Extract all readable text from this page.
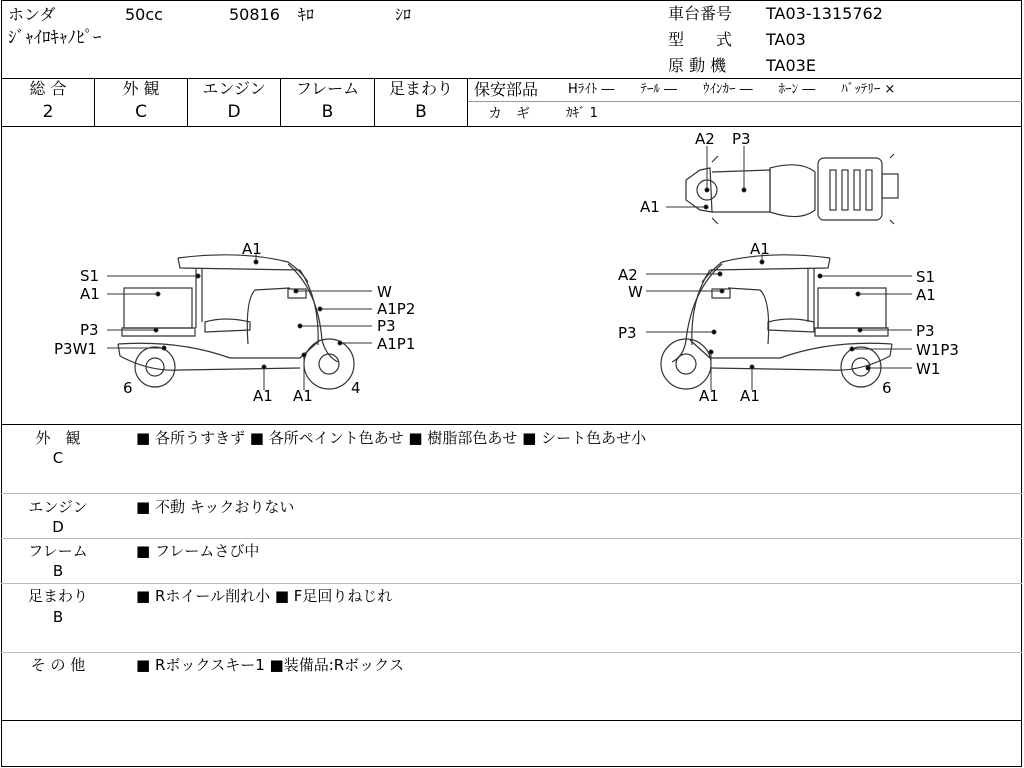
ホンダ	50cc	50816 ｷﾛ	ｼﾛ
ｼﾞｬｲﾛｷｬﾉﾋﾟｰ
車台番号 TA03-1315762
型　　式 TA03
原 動 機 TA03E
総 合	外 観	エンジン	フレーム	足まわり
2	C	D	B	B
保安部品 Hﾗｲﾄ ―　　ﾃｰﾙ ―　　ｳｲﾝｶｰ ―　　ﾎｰﾝ ―　　ﾊﾞｯﾃﾘｰ ×
カ　ギ	ｶｷﾞ 1
A1
S1
A1
P3
P3W1
6	A1 A1	4
W
A1P2
P3
A1P1
A1
A2
W
P3
A1 A1
S1
A1
P3
W1P3
W1
6
A2 P3
A1
外　観
C
■ 各所うすきず ■ 各所ペイント色あせ ■ 樹脂部色あせ ■ シート色あせ小
エンジン
D
■ 不動 キックおりない
フレーム
B
■ フレームさび中
足まわり
B
■ Rホイール削れ小 ■ F足回りねじれ
そ の 他	■ Rボックスキー1 ■装備品:Rボックス
